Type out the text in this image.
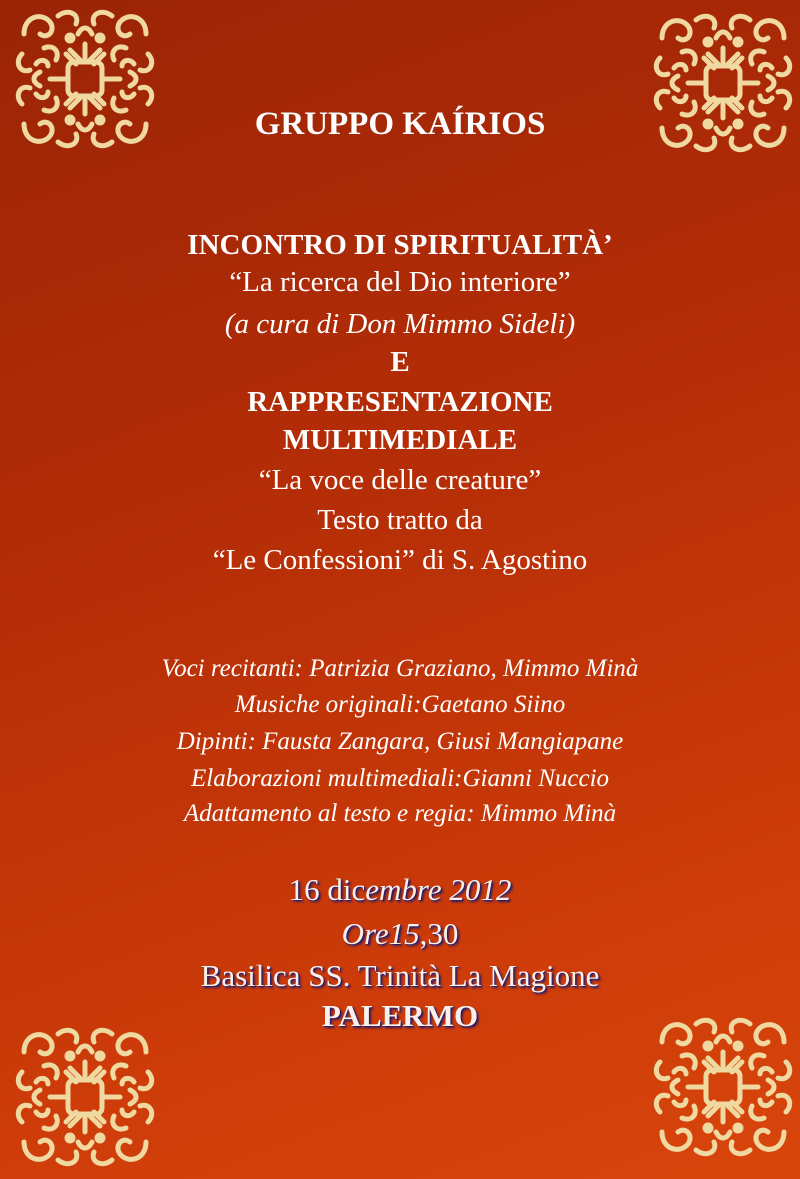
GRUPPO KAÍRIOS
INCONTRO DI SPIRITUALITÀ’
“La ricerca del Dio interiore”
(a cura di Don Mimmo Sideli)
E
RAPPRESENTAZIONE
MULTIMEDIALE
“La voce delle creature”
Testo tratto da
“Le Confessioni” di S. Agostino
Voci recitanti: Patrizia Graziano, Mimmo Minà
Musiche originali:Gaetano Siino
Dipinti: Fausta Zangara, Giusi Mangiapane
Elaborazioni multimediali:Gianni Nuccio
Adattamento al testo e regia: Mimmo Minà
16 dicembre 2012
Ore15,30
Basilica SS. Trinità La Magione
PALERMO
